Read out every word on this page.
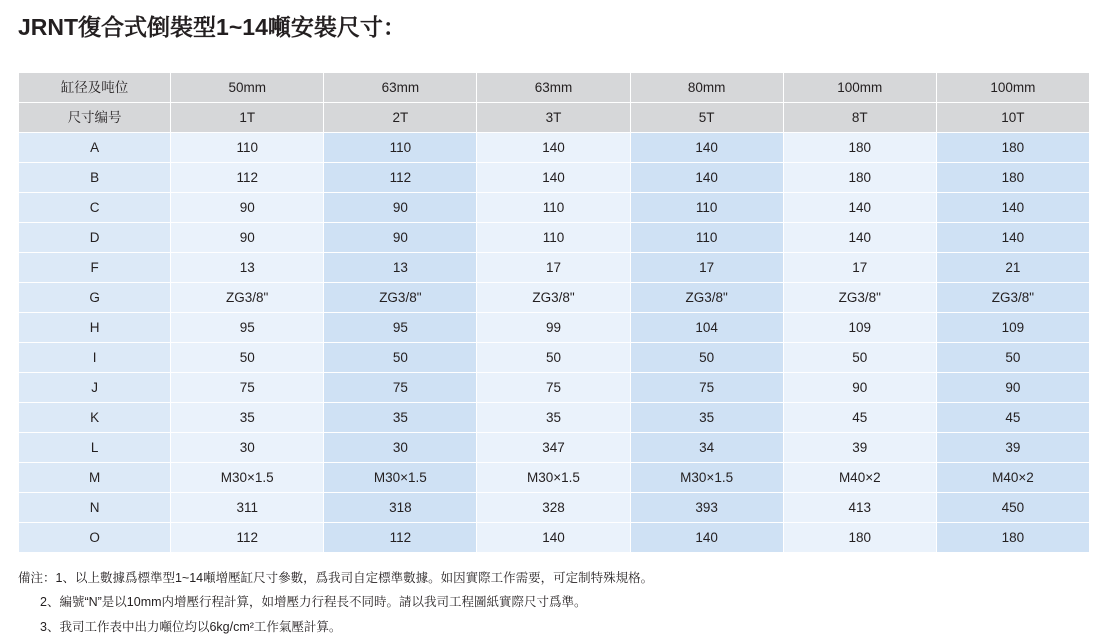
JRNT復合式倒裝型1~14噸安裝尺寸：
缸径及吨位	50mm	63mm	63mm	80mm	100mm	100mm
尺寸编号	1T	2T	3T	5T	8T	10T
A	110	110	140	140	180	180
B	112	112	140	140	180	180
C	90	90	110	110	140	140
D	90	90	110	110	140	140
F	13	13	17	17	17	21
G	ZG3/8"	ZG3/8"	ZG3/8"	ZG3/8"	ZG3/8"	ZG3/8"
H	95	95	99	104	109	109
I	50	50	50	50	50	50
J	75	75	75	75	90	90
K	35	35	35	35	45	45
L	30	30	347	34	39	39
M	M30×1.5	M30×1.5	M30×1.5	M30×1.5	M40×2	M40×2
N	311	318	328	393	413	450
O	112	112	140	140	180	180
備注：1、以上數據爲標準型1~14噸增壓缸尺寸參數，爲我司自定標準數據。如因實際工作需要，可定制特殊規格。
2、編號“N”是以10mm内增壓行程計算，如增壓力行程長不同時。請以我司工程圖紙實際尺寸爲準。
3、我司工作表中出力噸位均以6kg/cm²工作氣壓計算。
